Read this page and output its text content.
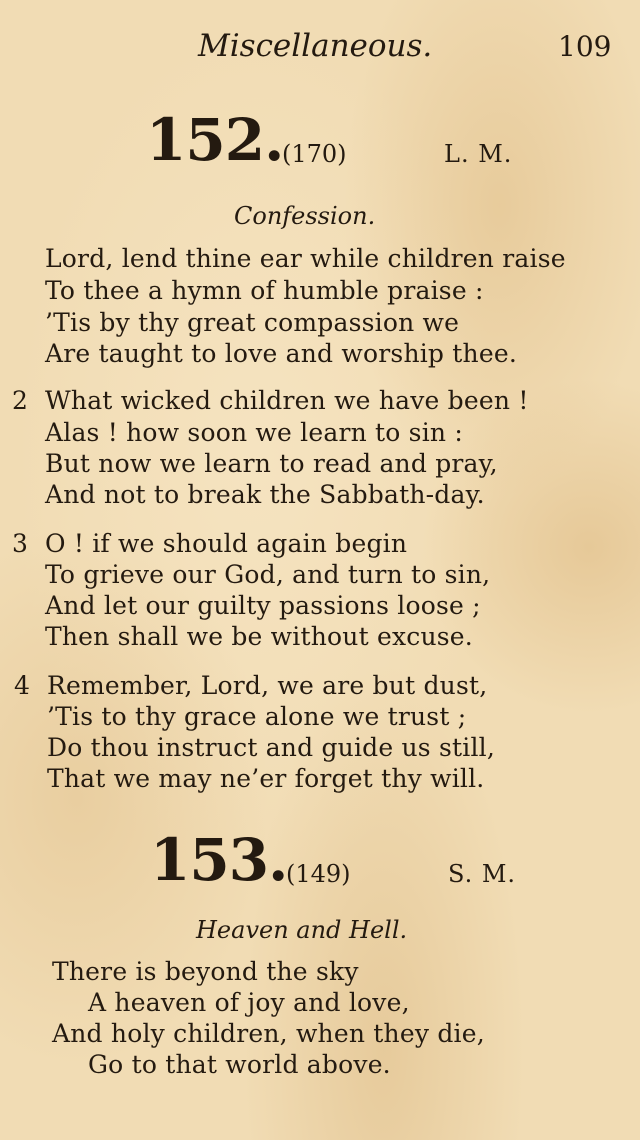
Miscellaneous.	109
152.
(170)	L. M.
Confession.
Lord, lend thine ear while children raise
To thee a hymn of humble praise :
’Tis by thy great compassion we
Are taught to love and worship thee.
2 What wicked children we have been !
Alas ! how soon we learn to sin :
But now we learn to read and pray,
And not to break the Sabbath-day.
3 O ! if we should again begin
To grieve our God, and turn to sin,
And let our guilty passions loose ;
Then shall we be without excuse.
4 Remember, Lord, we are but dust,
’Tis to thy grace alone we trust ;
Do thou instruct and guide us still,
That we may ne’er forget thy will.
153.
(149)	S. M.
Heaven and Hell.
There is beyond the sky
A heaven of joy and love,
And holy children, when they die,
Go to that world above.
